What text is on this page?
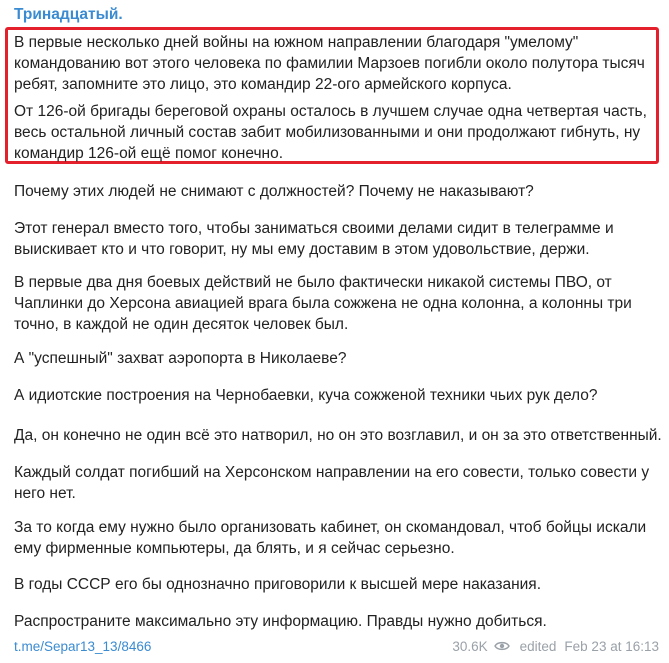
Тринадцатый.

В первые несколько дней войны на южном направлении благодаря "умелому" командованию вот этого человека по фамилии Марзоев погибли около полутора тысяч ребят, запомните это лицо, это командир 22-ого армейского корпуса.

От 126-ой бригады береговой охраны осталось в лучшем случае одна четвертая часть, весь остальной личный состав забит мобилизованными и они продолжают гибнуть, ну командир 126-ой ещё помог конечно.

Почему этих людей не снимают с должностей? Почему не наказывают?

Этот генерал вместо того, чтобы заниматься своими делами сидит в телеграмме и выискивает кто и что говорит, ну мы ему доставим в этом удовольствие, держи.

В первые два дня боевых действий не было фактически никакой системы ПВО, от Чаплинки до Херсона авиацией врага была сожжена не одна колонна, а колонны три точно, в каждой не один десяток человек был.

А "успешный" захват аэропорта в Николаеве?

А идиотские построения на Чернобаевки, куча сожженой техники чьих рук дело?

Да, он конечно не один всё это натворил, но он это возглавил, и он за это ответственный.

Каждый солдат погибший на Херсонском направлении на его совести, только совести у него нет.

За то когда ему нужно было организовать кабинет, он скомандовал, чтоб бойцы искали ему фирменные компьютеры, да блять, и я сейчас серьезно.

В годы СССР его бы однозначно приговорили к высшей мере наказания.

Распространите максимально эту информацию. Правды нужно добиться.

t.me/Separ13_13/8466	30.6K edited Feb 23 at 16:13
